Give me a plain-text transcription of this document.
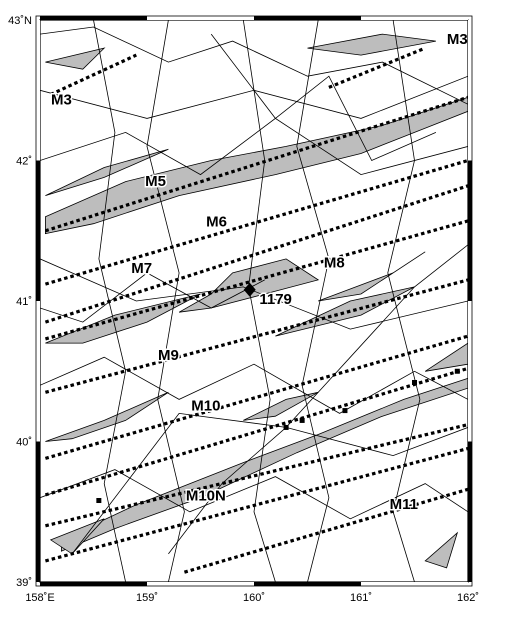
1179
M3
M3
M5
M6
M7	M8
M9
M10
M10N	M11
158˚E	159˚	160˚	161˚	162˚
39˚
40˚
41˚
42˚
43˚N
